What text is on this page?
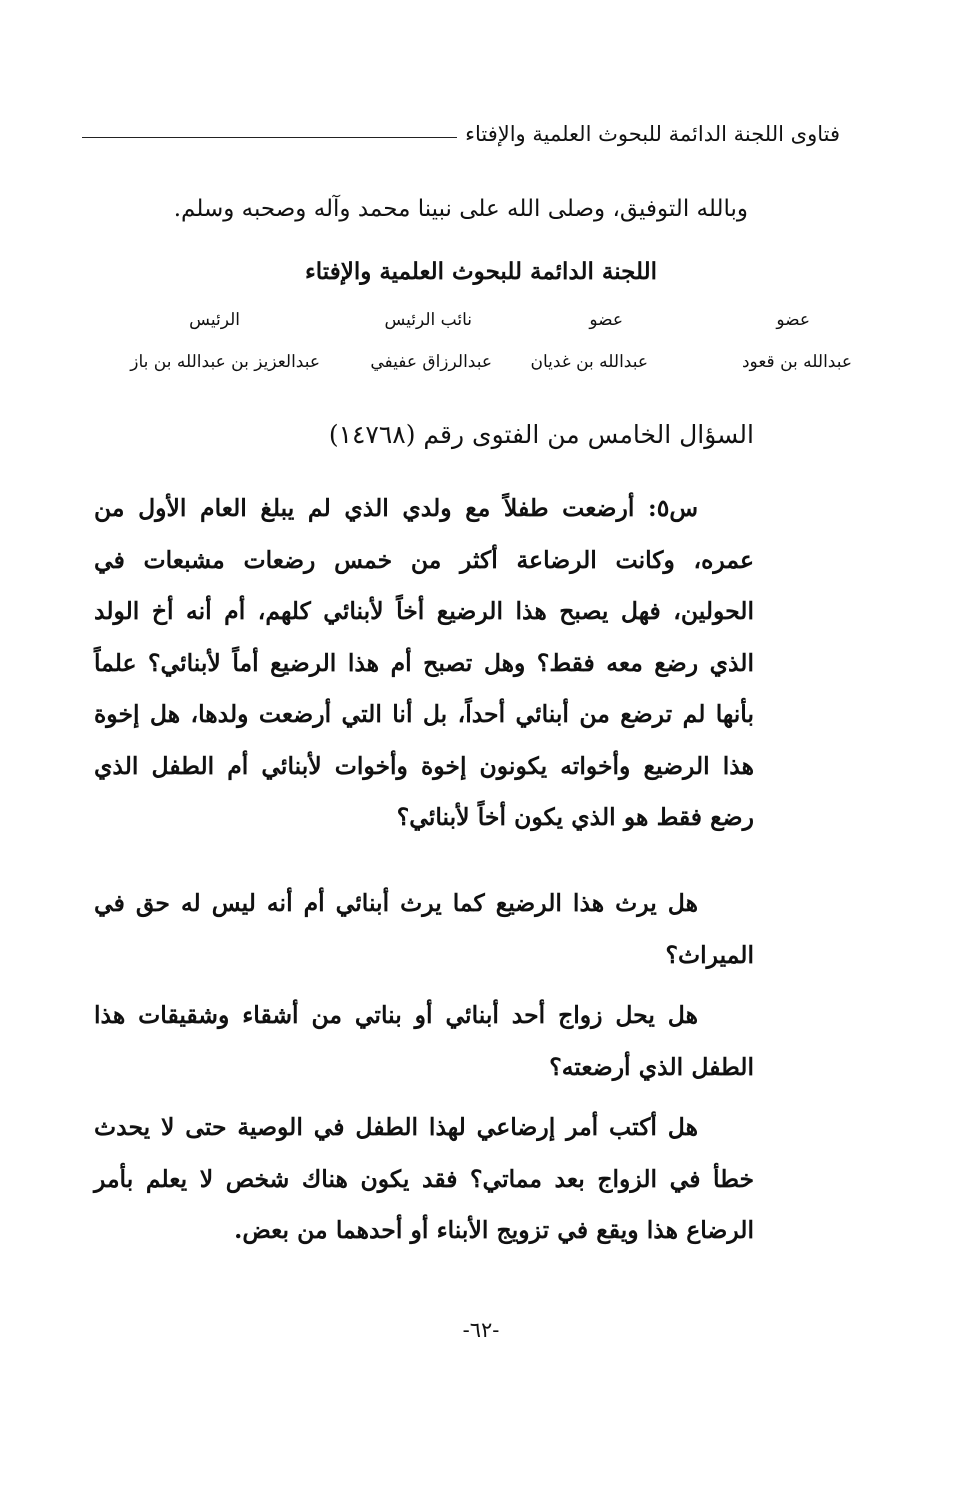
فتاوى اللجنة الدائمة للبحوث العلمية والإفتاء
وبالله التوفيق، وصلى الله على نبينا محمد وآله وصحبه وسلم.
اللجنة الدائمة للبحوث العلمية والإفتاء
عضو
عضو
نائب الرئيس
الرئيس
عبدالله بن قعود
عبدالله بن غديان
عبدالرزاق عفيفي
عبدالعزيز بن عبدالله بن باز
السؤال الخامس من الفتوى رقم (١٤٧٦٨)

س٥: أرضعت طفلاً مع ولدي الذي لم يبلغ العام الأول من عمره، وكانت الرضاعة أكثر من خمس رضعات مشبعات في الحولين، فهل يصبح هذا الرضيع أخاً لأبنائي كلهم، أم أنه أخ الولد الذي رضع معه فقط؟ وهل تصبح أم هذا الرضيع أماً لأبنائي؟ علماً بأنها لم ترضع من أبنائي أحداً، بل أنا التي أرضعت ولدها، هل إخوة هذا الرضيع وأخواته يكونون إخوة وأخوات لأبنائي أم الطفل الذي رضع فقط هو الذي يكون أخاً لأبنائي؟

هل يرث هذا الرضيع كما يرث أبنائي أم أنه ليس له حق في الميراث؟

هل يحل زواج أحد أبنائي أو بناتي من أشقاء وشقيقات هذا الطفل الذي أرضعته؟

هل أكتب أمر إرضاعي لهذا الطفل في الوصية حتى لا يحدث خطأ في الزواج بعد مماتي؟ فقد يكون هناك شخص لا يعلم بأمر الرضاع هذا ويقع في تزويج الأبناء أو أحدهما من بعض.

-٦٢-
